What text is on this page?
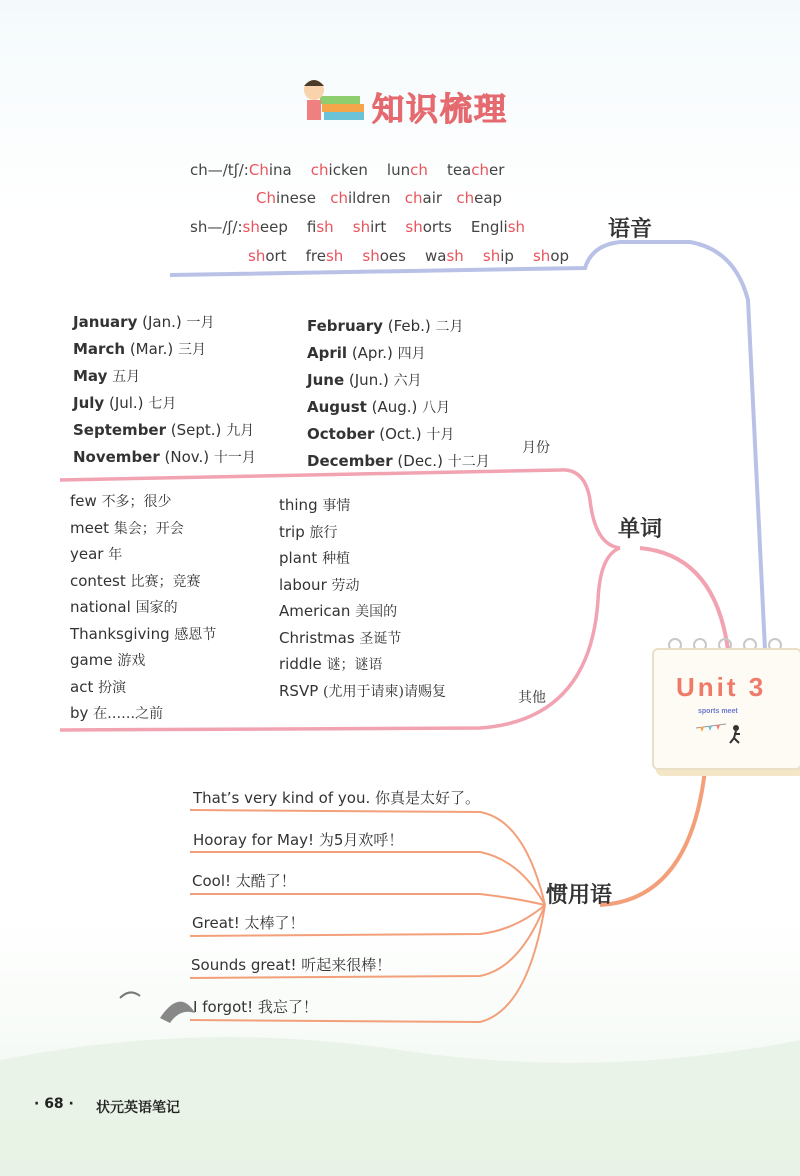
知识梳理
ch—/tʃ/:China    chicken    lunch    teacher
Chinese   children   chair   cheap
sh—/ʃ/:sheep    fish shirt    shorts    English
short    fresh shoes    wash ship    shop
语音
January (Jan.) 一月
March (Mar.) 三月
May 五月
July (Jul.) 七月
September (Sept.) 九月
November (Nov.) 十一月
February (Feb.) 二月
April (Apr.) 四月
June (Jun.) 六月
August (Aug.) 八月
October (Oct.) 十月
December (Dec.) 十二月
月份
单词
few 不多；很少
meet 集会；开会
year 年
contest 比赛；竞赛
national 国家的
Thanksgiving 感恩节
game 游戏
act 扮演
by 在……之前
thing 事情
trip 旅行
plant 种植
labour 劳动
American 美国的
Christmas 圣诞节
riddle 谜；谜语
RSVP (尤用于请柬)请赐复	其他	Unit 3
sports meet
That’s very kind of you. 你真是太好了。
Hooray for May! 为5月欢呼！
Cool! 太酷了！
Great! 太棒了！
Sounds great! 听起来很棒！
I forgot! 我忘了！
惯用语
· 68 · 状元英语笔记
